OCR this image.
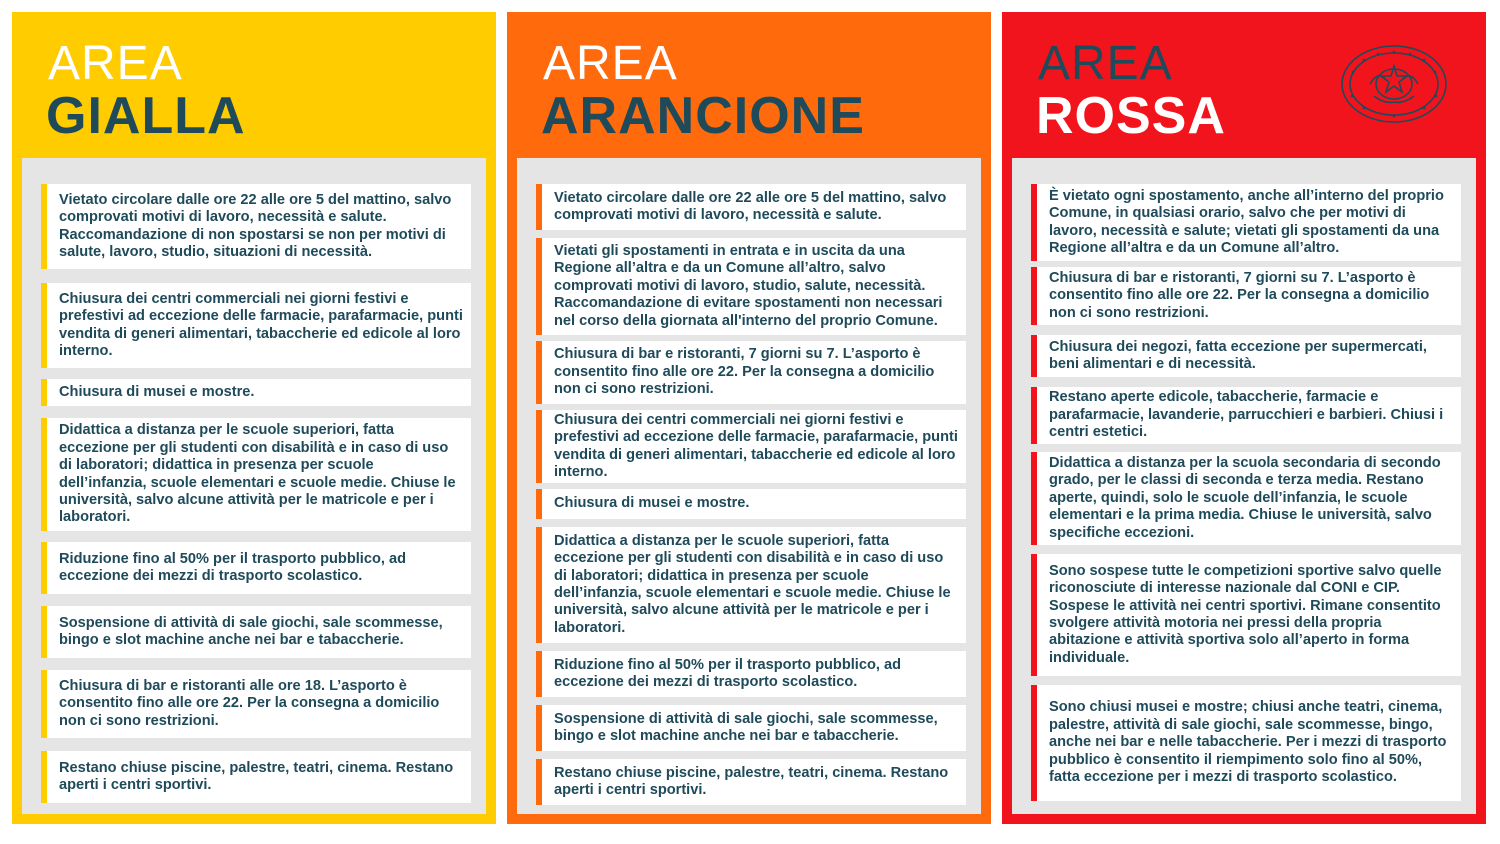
AREA
GIALLA
Vietato circolare dalle ore 22 alle ore 5 del mattino, salvo comprovati motivi di lavoro, necessità e salute. Raccomandazione di non spostarsi se non per motivi di salute, lavoro, studio, situazioni di necessità.
Chiusura dei centri commerciali nei giorni festivi e prefestivi ad eccezione delle farmacie, parafarmacie, punti vendita di generi alimentari, tabaccherie ed edicole al loro interno.
Chiusura di musei e mostre.
Didattica a distanza per le scuole superiori, fatta eccezione per gli studenti con disabilità e in caso di uso di laboratori; didattica in presenza per scuole dell’infanzia, scuole elementari e scuole medie. Chiuse le università, salvo alcune attività per le matricole e per i laboratori.
Riduzione fino al 50% per il trasporto pubblico, ad eccezione dei mezzi di trasporto scolastico.
Sospensione di attività di sale giochi, sale scommesse, bingo e slot machine anche nei bar e tabaccherie.
Chiusura di bar e ristoranti alle ore 18. L’asporto è consentito fino alle ore 22. Per la consegna a domicilio non ci sono restrizioni.
Restano chiuse piscine, palestre, teatri, cinema. Restano aperti i centri sportivi.
AREA
ARANCIONE
Vietato circolare dalle ore 22 alle ore 5 del mattino, salvo comprovati motivi di lavoro, necessità e salute.
Vietati gli spostamenti in entrata e in uscita da una Regione all’altra e da un Comune all’altro, salvo comprovati motivi di lavoro, studio, salute, necessità. Raccomandazione di evitare spostamenti non necessari nel corso della giornata all'interno del proprio Comune.
Chiusura di bar e ristoranti, 7 giorni su 7. L’asporto è consentito fino alle ore 22. Per la consegna a domicilio non ci sono restrizioni.
Chiusura dei centri commerciali nei giorni festivi e prefestivi ad eccezione delle farmacie, parafarmacie, punti vendita di generi alimentari, tabaccherie ed edicole al loro interno.
Chiusura di musei e mostre.
Didattica a distanza per le scuole superiori, fatta eccezione per gli studenti con disabilità e in caso di uso di laboratori; didattica in presenza per scuole dell’infanzia, scuole elementari e scuole medie. Chiuse le università, salvo alcune attività per le matricole e per i laboratori.
Riduzione fino al 50% per il trasporto pubblico, ad eccezione dei mezzi di trasporto scolastico.
Sospensione di attività di sale giochi, sale scommesse, bingo e slot machine anche nei bar e tabaccherie.
Restano chiuse piscine, palestre, teatri, cinema. Restano aperti i centri sportivi.
AREA
ROSSA
È vietato ogni spostamento, anche all’interno del proprio Comune, in qualsiasi orario, salvo che per motivi di lavoro, necessità e salute; vietati gli spostamenti da una Regione all’altra e da un Comune all’altro.
Chiusura di bar e ristoranti, 7 giorni su 7. L’asporto è consentito fino alle ore 22. Per la consegna a domicilio non ci sono restrizioni.
Chiusura dei negozi, fatta eccezione per supermercati, beni alimentari e di necessità.
Restano aperte edicole, tabaccherie, farmacie e parafarmacie, lavanderie, parrucchieri e barbieri. Chiusi i centri estetici.
Didattica a distanza per la scuola secondaria di secondo grado, per le classi di seconda e terza media. Restano aperte, quindi, solo le scuole dell’infanzia, le scuole elementari e la prima media. Chiuse le università, salvo specifiche eccezioni.
Sono sospese tutte le competizioni sportive salvo quelle riconosciute di interesse nazionale dal CONI e CIP. Sospese le attività nei centri sportivi. Rimane consentito svolgere attività motoria nei pressi della propria abitazione e attività sportiva solo all’aperto in forma individuale.
Sono chiusi musei e mostre; chiusi anche teatri, cinema, palestre, attività di sale giochi, sale scommesse, bingo, anche nei bar e nelle tabaccherie. Per i mezzi di trasporto pubblico è consentito il riempimento solo fino al 50%, fatta eccezione per i mezzi di trasporto scolastico.
